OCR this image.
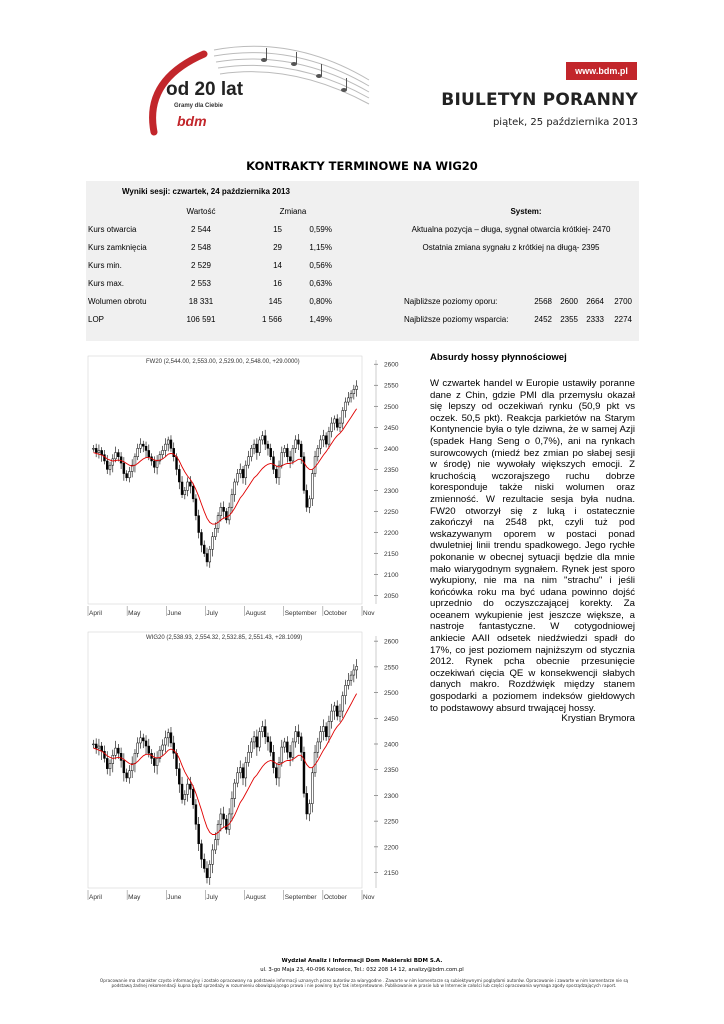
od 20 lat
Gramy dla Ciebie
bdm
www.bdm.pl
BIULETYN PORANNY
piątek, 25 października 2013
KONTRAKTY TERMINOWE NA WIG20
Wyniki sesji: czwartek, 24 października 2013
Wartość	Zmiana	System:
Kurs otwarcia	2 544	15	0,59%
Kurs zamknięcia	2 548	29	1,15%
Kurs min.	2 529	14	0,56%
Kurs max.	2 553	16	0,63%
Wolumen obrotu	18 331	145	0,80%
LOP	106 591	1 566	1,49%
Aktualna pozycja – długa, sygnał otwarcia krótkiej- 2470
Ostatnia zmiana sygnału z krótkiej na długą- 2395
Najbliższe poziomy oporu:	2568	2600	2664	2700
Najbliższe poziomy wsparcia:	2452	2355	2333	2274
FW20 (2,544.00, 2,553.00, 2,529.00, 2,548.00, +29.0000)
2050
2100
2150
2200
2250
2300
2350
2400
2450
2500
2550
2600
April	May	June	July	August	September October Nov
WIG20 (2,538.93, 2,554.32, 2,532.85, 2,551.43, +28.1099)
2150
2200
2250
2300
2350
2400
2450
2500
2550
2600
April	May	June	July	August	September October Nov
Absurdy hossy płynnościowej
W czwartek handel w Europie ustawiły poranne dane z Chin, gdzie PMI dla przemysłu okazał się lepszy od oczekiwań rynku (50,9 pkt vs oczek. 50,5 pkt). Reakcja parkietów na Starym Kontynencie była o tyle dziwna, że w samej Azji (spadek Hang Seng o 0,7%), ani na rynkach surowcowych (miedź bez zmian po słabej sesji w środę) nie wywołały większych emocji. Z kruchością wczorajszego ruchu dobrze koresponduje także niski wolumen oraz zmienność. W rezultacie sesja była nudna. FW20 otworzył się z luką i ostatecznie zakończył na 2548 pkt, czyli tuż pod wskazywanym oporem w postaci ponad dwuletniej linii trendu spadkowego. Jego rychłe pokonanie w obecnej sytuacji będzie dla mnie mało wiarygodnym sygnałem. Rynek jest sporo wykupiony, nie ma na nim "strachu" i jeśli końcówka roku ma być udana powinno dojść uprzednio do oczyszczającej korekty. Za oceanem wykupienie jest jeszcze większe, a nastroje fantastyczne. W cotygodniowej ankiecie AAII odsetek niedźwiedzi spadł do 17%, co jest poziomem najniższym od stycznia 2012. Rynek pcha obecnie przesunięcie oczekiwań cięcia QE w konsekwencji słabych danych makro. Rozdźwięk między stanem gospodarki a poziomem indeksów giełdowych to podstawowy absurd trwającej hossy.
Krystian Brymora
Wydział Analiz i Informacji Dom Maklerski BDM S.A.
ul. 3-go Maja 23, 40-096 Katowice, Tel.: 032 208 14 12, analizy@bdm.com.pl
Opracowanie ma charakter czysto informacyjny i zostało opracowany na podstawie informacji uznanych przez autorów za wiarygodne . Zawarte w nim komentarze są subiektywnymi poglądami autorów. Opracowanie i zawarte w nim komentarze nie są podstawą żadnej rekomendacji kupna bądź sprzedaży w rozumieniu obowiązującego prawa i nie powinny być tak interpretowane. Publikowanie w prasie lub w Internecie całości lub części opracowania wymaga zgody sporządzających raport.
